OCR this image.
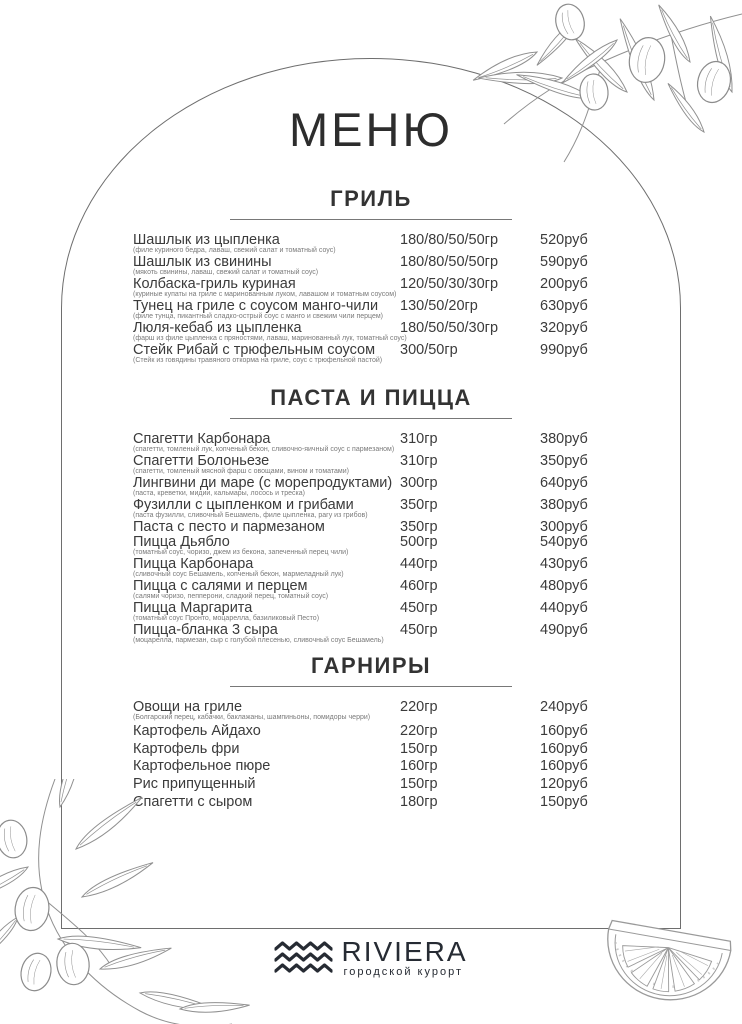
МЕНЮ
ГРИЛЬ
Шашлык из цыпленка
(филе куриного бедра, лаваш, свежий салат и томатный соус)
180/80/50/50гр	520руб
Шашлык из свинины
(мякоть свинины, лаваш, свежий салат и томатный соус)
180/80/50/50гр	590руб
Колбаска-гриль куриная
(куриные купаты на гриле с маринованным луком, лавашом и томатным соусом)
120/50/30/30гр	200руб
Тунец на гриле с соусом манго-чили
(филе тунца, пикантный сладко-острый соус с манго и свежим чили перцем)
130/50/20гр	630руб
Люля-кебаб из цыпленка
(фарш из филе цыпленка с пряностями, лаваш, маринованный лук, томатный соус)
180/50/50/30гр	320руб
Стейк Рибай с трюфельным соусом
(Стейк из говядины травяного откорма на гриле, соус с трюфельной пастой)
300/50гр	990руб
ПАСТА И ПИЦЦА
Спагетти Карбонара
(спагетти, томленый лук, копченый бекон, сливочно-яичный соус с пармезаном)
310гр	380руб
Спагетти Болоньезе
(спагетти, томленый мясной фарш с овощами, вином и томатами)
310гр	350руб
Лингвини ди маре (с морепродуктами)
(паста, креветки, мидии, кальмары, лосось и треска)
300гр	640руб
Фузилли с цыпленком и грибами
(паста фузилли, сливочный Бешамель, филе цыпленка, рагу из грибов)
350гр	380руб
Паста с песто и пармезаном	350гр	300руб
Пицца Дьябло
(томатный соус, чоризо, джем из бекона, запеченный перец чили)
500гр	540руб
Пицца Карбонара
(сливочный соус Бешамель, копченый бекон, мармеладный лук)
440гр	430руб
Пицца с салями и перцем
(салями чоризо, пепперони, сладкий перец, томатный соус)
460гр	480руб
Пицца Маргарита
(томатный соус Пронто, моцарелла, базиликовый Песто)
450гр	440руб
Пицца-бланка 3 сыра
(моцарелла, пармезан, сыр с голубой плесенью, сливочный соус Бешамель)
450гр	490руб
ГАРНИРЫ
Овощи на гриле
(Болгарский перец, кабачки, баклажаны, шампиньоны, помидоры черри)
220гр	240руб
Картофель Айдахо	220гр	160руб
Картофель фри	150гр	160руб
Картофельное пюре	160гр	160руб
Рис припущенный	150гр	120руб
Спагетти с сыром	180гр	150руб
RIVIERA
городской курорт
